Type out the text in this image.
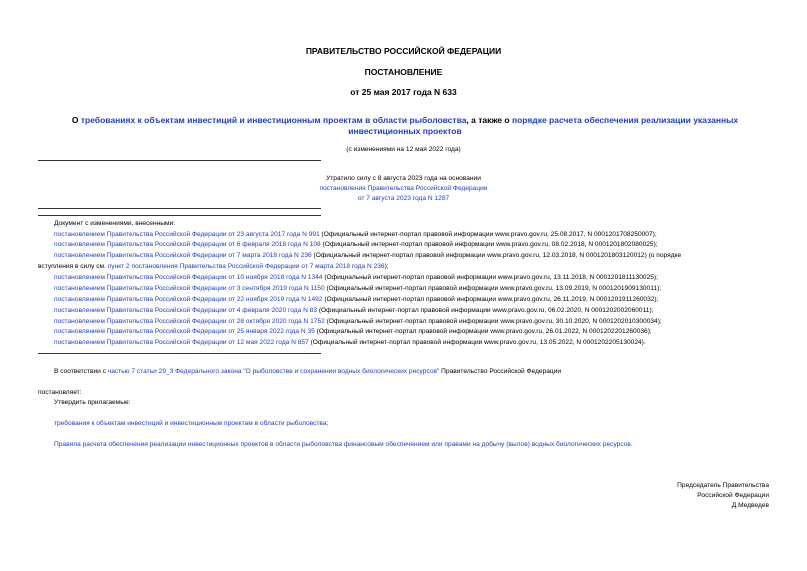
ПРАВИТЕЛЬСТВО РОССИЙСКОЙ ФЕДЕРАЦИИ
ПОСТАНОВЛЕНИЕ
от 25 мая 2017 года N 633
О требованиях к объектам инвестиций и инвестиционным проектам в области рыболовства, а также о порядке расчета обеспечения реализации указанных инвестиционных проектов
(с изменениями на 12 мая 2022 года)
Утратило силу с 8 августа 2023 года на основании
постановления Правительства Российской Федерации
от 7 августа 2023 года N 1287
Документ с изменениями, внесенными:
постановлением Правительства Российской Федерации от 23 августа 2017 года N 991 (Официальный интернет-портал правовой информации www.pravo.gov.ru, 25.08.2017, N 0001201708250007);
постановлением Правительства Российской Федерации от 6 февраля 2018 года N 108 (Официальный интернет-портал правовой информации www.pravo.gov.ru, 08.02.2018, N 0001201802080025);
постановлением Правительства Российской Федерации от 7 марта 2018 года N 236 (Официальный интернет-портал правовой информации www.pravo.gov.ru, 12.03.2018, N 0001201803120012) (о порядке
вступления в силу см. пункт 2 постановления Правительства Российской Федерации от 7 марта 2018 года N 236);
постановлением Правительства Российской Федерации от 10 ноября 2018 года N 1344 (Официальный интернет-портал правовой информации www.pravo.gov.ru, 13.11.2018, N 0001201811130025);
постановлением Правительства Российской Федерации от 3 сентября 2019 года N 1150 (Официальный интернет-портал правовой информации www.pravo.gov.ru, 13.09.2019, N 0001201909130011);
постановлением Правительства Российской Федерации от 22 ноября 2019 года N 1492 (Официальный интернет-портал правовой информации www.pravo.gov.ru, 26.11.2019, N 0001201911260032);
постановлением Правительства Российской Федерации от 4 февраля 2020 года N 83 (Официальный интернет-портал правовой информации www.pravo.gov.ru, 06.02.2020, N 0001202002060011);
постановлением Правительства Российской Федерации от 28 октября 2020 года N 1752 (Официальный интернет-портал правовой информации www.pravo.gov.ru, 30.10.2020, N 0001202010300034);
постановлением Правительства Российской Федерации от 25 января 2022 года N 35 (Официальный интернет-портал правовой информации www.pravo.gov.ru, 26.01.2022, N 0001202201260036);
постановлением Правительства Российской Федерации от 12 мая 2022 года N 857 (Официальный интернет-портал правовой информации www.pravo.gov.ru, 13.05.2022, N 0001202205130024).
В соответствии с частью 7 статьи 29_3 Федерального закона "О рыболовстве и сохранении водных биологических ресурсов" Правительство Российской Федерации
постановляет:
Утвердить прилагаемые:
требования к объектам инвестиций и инвестиционным проектам в области рыболовства;
Правила расчета обеспечения реализации инвестиционных проектов в области рыболовства финансовым обеспечением или правами на добычу (вылов) водных биологических ресурсов.
Председатель Правительства
Российской Федерации
Д.Медведев
